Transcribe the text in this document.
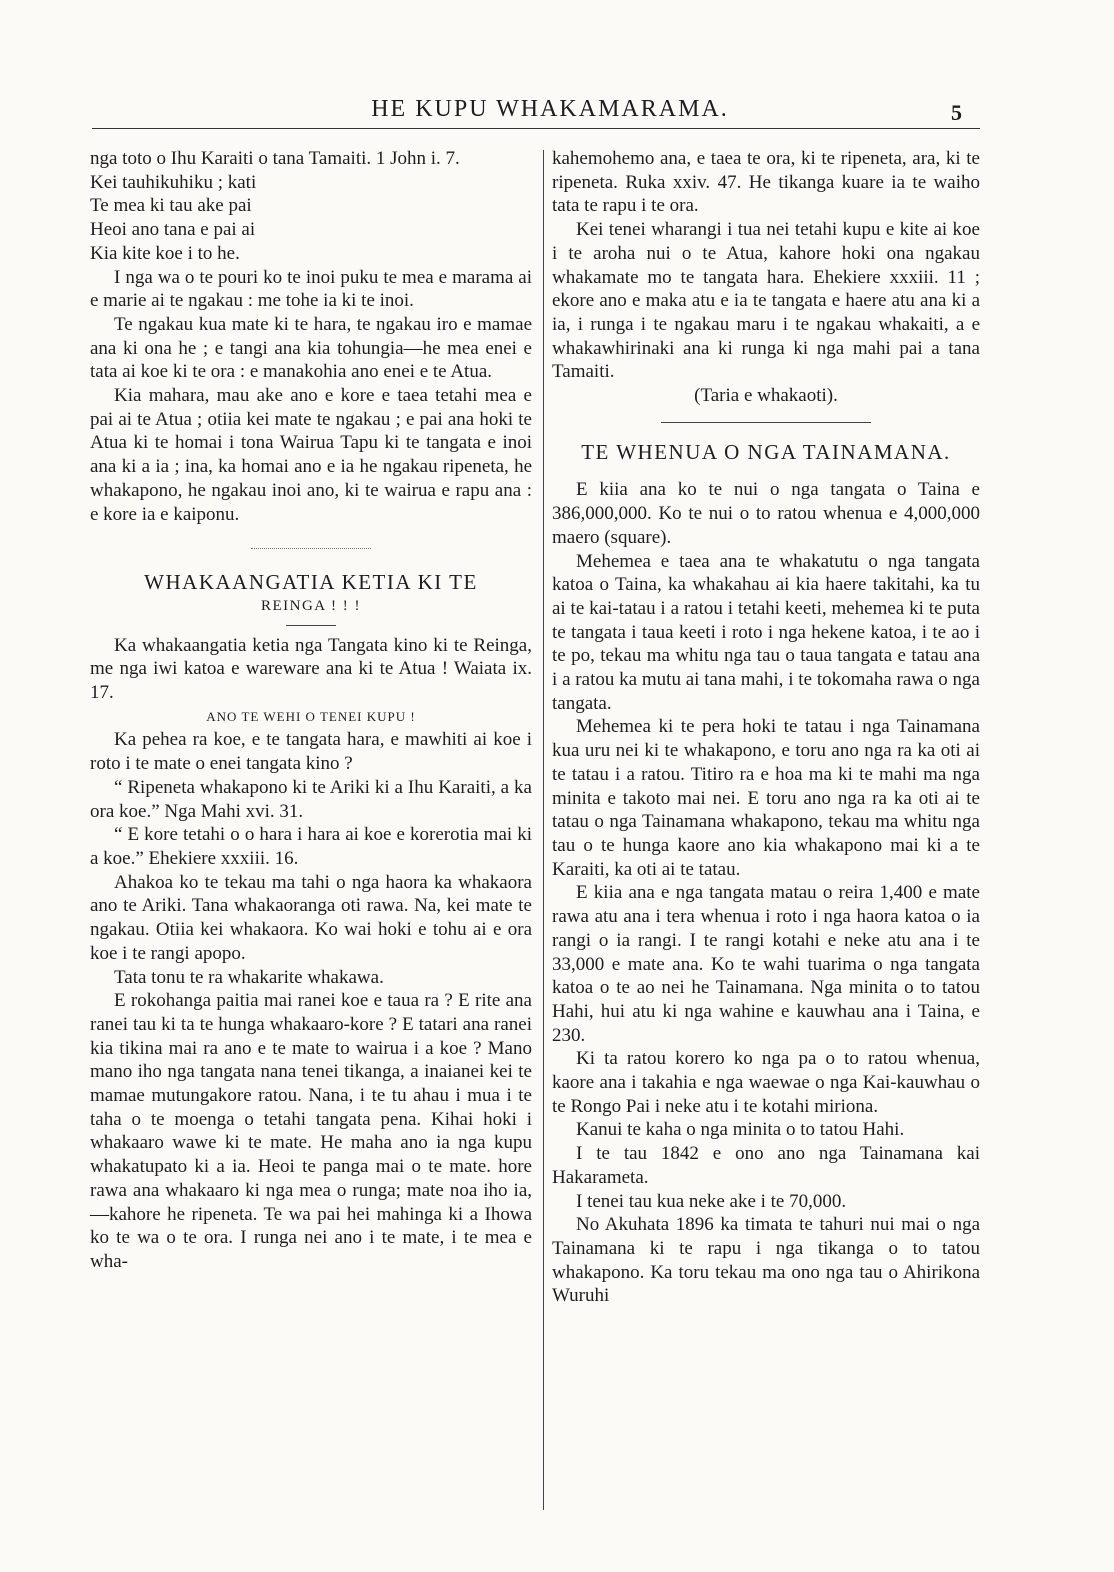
HE KUPU WHAKAMARAMA.	5

nga toto o Ihu Karaiti o tana Tamaiti. 1 John i. 7.

Kei tauhikuhiku ; kati

Te mea ki tau ake pai

Heoi ano tana e pai ai

Kia kite koe i to he.

I nga wa o te pouri ko te inoi puku te mea e marama ai e marie ai te ngakau : me tohe ia ki te inoi.

Te ngakau kua mate ki te hara, te ngakau iro e mamae ana ki ona he ; e tangi ana kia tohungia—he mea enei e tata ai koe ki te ora : e manakohia ano enei e te Atua.

Kia mahara, mau ake ano e kore e taea tetahi mea e pai ai te Atua ; otiia kei mate te ngakau ; e pai ana hoki te Atua ki te homai i tona Wairua Tapu ki te tangata e inoi ana ki a ia ; ina, ka homai ano e ia he ngakau ripeneta, he whakapono, he ngakau inoi ano, ki te wairua e rapu ana : e kore ia e kaiponu.

WHAKAANGATIA KETIA KI TE

REINGA ! ! !

Ka whakaangatia ketia nga Tangata kino ki te Reinga, me nga iwi katoa e wareware ana ki te Atua ! Waiata ix. 17.

ANO TE WEHI O TENEI KUPU !

Ka pehea ra koe, e te tangata hara, e mawhiti ai koe i roto i te mate o enei tangata kino ?

“ Ripeneta whakapono ki te Ariki ki a Ihu Karaiti, a ka ora koe.” Nga Mahi xvi. 31.

“ E kore tetahi o o hara i hara ai koe e korerotia mai ki a koe.” Ehekiere xxxiii. 16.

Ahakoa ko te tekau ma tahi o nga haora ka whakaora ano te Ariki. Tana whakaoranga oti rawa. Na, kei mate te ngakau. Otiia kei whakaora. Ko wai hoki e tohu ai e ora koe i te rangi apopo.

Tata tonu te ra whakarite whakawa.

E rokohanga paitia mai ranei koe e taua ra ? E rite ana ranei tau ki ta te hunga whakaaro-kore ? E tatari ana ranei kia tikina mai ra ano e te mate to wairua i a koe ? Mano mano iho nga tangata nana tenei tikanga, a inaianei kei te mamae mutungakore ratou. Nana, i te tu ahau i mua i te taha o te moenga o tetahi tangata pena. Kihai hoki i whakaaro wawe ki te mate. He maha ano ia nga kupu whakatupato ki a ia. Heoi te panga mai o te mate. hore rawa ana whakaaro ki nga mea o runga; mate noa iho ia,—kahore he ripeneta. Te wa pai hei mahinga ki a Ihowa ko te wa o te ora. I runga nei ano i te mate, i te mea e wha-

kahemohemo ana, e taea te ora, ki te ripeneta, ara, ki te ripeneta. Ruka xxiv. 47. He tikanga kuare ia te waiho tata te rapu i te ora.

Kei tenei wharangi i tua nei tetahi kupu e kite ai koe i te aroha nui o te Atua, kahore hoki ona ngakau whakamate mo te tangata hara. Ehekiere xxxiii. 11 ; ekore ano e maka atu e ia te tangata e haere atu ana ki a ia, i runga i te ngakau maru i te ngakau whakaiti, a e whakawhirinaki ana ki runga ki nga mahi pai a tana Tamaiti.

(Taria e whakaoti).

TE WHENUA O NGA TAINAMANA.

E kiia ana ko te nui o nga tangata o Taina e 386,000,000. Ko te nui o to ratou whenua e 4,000,000 maero (square).

Mehemea e taea ana te whakatutu o nga tangata katoa o Taina, ka whakahau ai kia haere takitahi, ka tu ai te kai-tatau i a ratou i tetahi keeti, mehemea ki te puta te tangata i taua keeti i roto i nga hekene katoa, i te ao i te po, tekau ma whitu nga tau o taua tangata e tatau ana i a ratou ka mutu ai tana mahi, i te tokomaha rawa o nga tangata.

Mehemea ki te pera hoki te tatau i nga Tainamana kua uru nei ki te whakapono, e toru ano nga ra ka oti ai te tatau i a ratou. Titiro ra e hoa ma ki te mahi ma nga minita e takoto mai nei. E toru ano nga ra ka oti ai te tatau o nga Tainamana whakapono, tekau ma whitu nga tau o te hunga kaore ano kia whakapono mai ki a te Karaiti, ka oti ai te tatau.

E kiia ana e nga tangata matau o reira 1,400 e mate rawa atu ana i tera whenua i roto i nga haora katoa o ia rangi o ia rangi. I te rangi kotahi e neke atu ana i te 33,000 e mate ana. Ko te wahi tuarima o nga tangata katoa o te ao nei he Tainamana. Nga minita o to tatou Hahi, hui atu ki nga wahine e kauwhau ana i Taina, e 230.

Ki ta ratou korero ko nga pa o to ratou whenua, kaore ana i takahia e nga waewae o nga Kai-kauwhau o te Rongo Pai i neke atu i te kotahi miriona.

Kanui te kaha o nga minita o to tatou Hahi.

I te tau 1842 e ono ano nga Tainamana kai Hakarameta.

I tenei tau kua neke ake i te 70,000.

No Akuhata 1896 ka timata te tahuri nui mai o nga Tainamana ki te rapu i nga tikanga o to tatou whakapono. Ka toru tekau ma ono nga tau o Ahirikona Wuruhi
